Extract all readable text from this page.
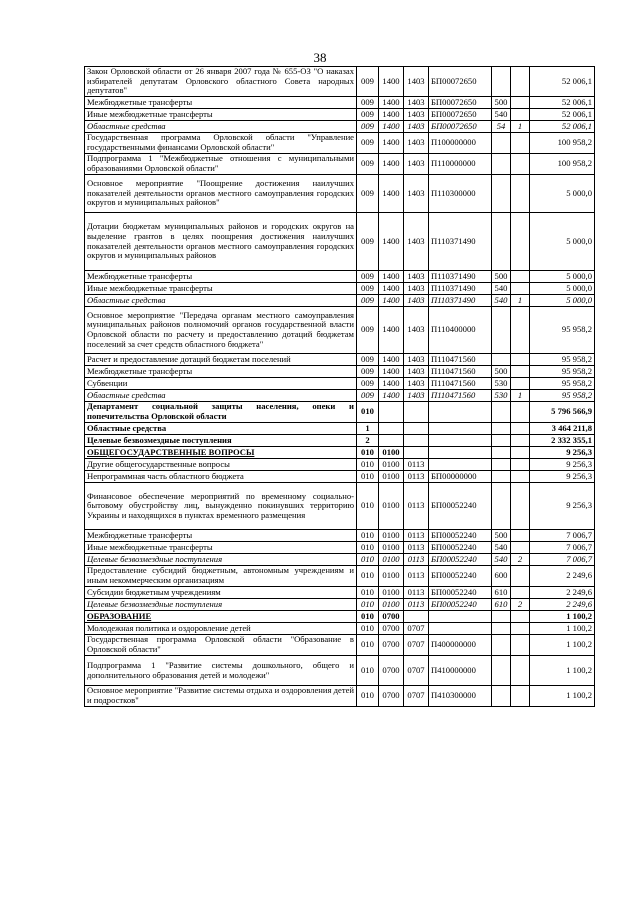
38
Закон Орловской области от 26 января 2007 года № 655-ОЗ "О наказах избирателей депутатам Орловского областного Совета народных депутатов"	009	1400	1403	БП00072650			52 006,1
Межбюджетные трансферты	009	1400	1403	БП00072650	500		52 006,1
Иные межбюджетные трансферты	009	1400	1403	БП00072650	540		52 006,1
Областные средства	009	1400	1403	БП00072650	54	1	52 006,1
Государственная программа Орловской области "Управление государственными финансами Орловской области"	009	1400	1403	П100000000			100 958,2
Подпрограмма 1 "Межбюджетные отношения с муниципальными образованиями Орловской области"	009	1400	1403	П110000000			100 958,2
Основное мероприятие "Поощрение достижения наилучших показателей деятельности органов местного самоуправления городских округов и муниципальных районов"	009	1400	1403	П110300000			5 000,0
Дотации бюджетам муниципальных районов и городских округов на выделение грантов в целях поощрения достижения наилучших показателей деятельности органов местного самоуправления городских округов и муниципальных районов	009	1400	1403	П110371490			5 000,0
Межбюджетные трансферты	009	1400	1403	П110371490	500		5 000,0
Иные межбюджетные трансферты	009	1400	1403	П110371490	540		5 000,0
Областные средства	009	1400	1403	П110371490	540	1	5 000,0
Основное мероприятие "Передача органам местного самоуправления муниципальных районов полномочий органов государственной власти Орловской области по расчету и предоставлению дотаций бюджетам поселений за счет средств областного бюджета"	009	1400	1403	П110400000			95 958,2
Расчет и предоставление дотаций бюджетам поселений	009	1400	1403	П110471560			95 958,2
Межбюджетные трансферты	009	1400	1403	П110471560	500		95 958,2
Субвенции	009	1400	1403	П110471560	530		95 958,2
Областные средства	009	1400	1403	П110471560	530	1	95 958,2
Департамент социальной защиты населения, опеки и попечительства Орловской области	010						5 796 566,9
Областные средства	1						3 464 211,8
Целевые безвозмездные поступления	2						2 332 355,1
ОБЩЕГОСУДАРСТВЕННЫЕ ВОПРОСЫ	010	0100					9 256,3
Другие общегосударственные вопросы	010	0100	0113				9 256,3
Непрограммная часть областного бюджета	010	0100	0113	БП00000000			9 256,3
Финансовое обеспечение мероприятий по временному социально-бытовому обустройству лиц, вынужденно покинувших территорию Украины и находящихся в пунктах временного размещения	010	0100	0113	БП00052240			9 256,3
Межбюджетные трансферты	010	0100	0113	БП00052240	500		7 006,7
Иные межбюджетные трансферты	010	0100	0113	БП00052240	540		7 006,7
Целевые безвозмездные поступления	010	0100	0113	БП00052240	540	2	7 006,7
Предоставление субсидий бюджетным, автономным учреждениям и иным некоммерческим организациям	010	0100	0113	БП00052240	600		2 249,6
Субсидии бюджетным учреждениям	010	0100	0113	БП00052240	610		2 249,6
Целевые безвозмездные поступления	010	0100	0113	БП00052240	610	2	2 249,6
ОБРАЗОВАНИЕ	010	0700					1 100,2
Молодежная политика и оздоровление детей	010	0700	0707				1 100,2
Государственная программа Орловской области "Образование в Орловской области"	010	0700	0707	П400000000			1 100,2
Подпрограмма 1 "Развитие системы дошкольного, общего и дополнительного образования детей и молодежи"	010	0700	0707	П410000000			1 100,2
Основное мероприятие "Развитие системы отдыха и оздоровления детей и подростков"	010	0700	0707	П410300000			1 100,2
